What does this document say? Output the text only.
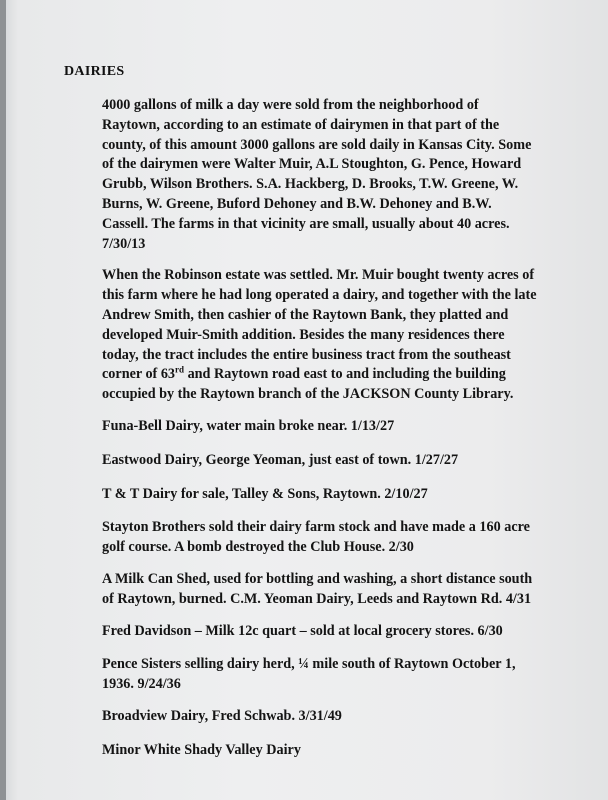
DAIRIES

4000 gallons of milk a day were sold from the neighborhood of Raytown, according to an estimate of dairymen in that part of the county, of this amount 3000 gallons are sold daily in Kansas City. Some of the dairymen were Walter Muir, A.L Stoughton, G. Pence, Howard Grubb, Wilson Brothers. S.A. Hackberg, D. Brooks, T.W. Greene, W. Burns, W. Greene, Buford Dehoney and B.W. Dehoney and B.W. Cassell. The farms in that vicinity are small, usually about 40 acres. 7/30/13

When the Robinson estate was settled. Mr. Muir bought twenty acres of this farm where he had long operated a dairy, and together with the late Andrew Smith, then cashier of the Raytown Bank, they platted and developed Muir-Smith addition. Besides the many residences there today, the tract includes the entire business tract from the southeast corner of 63rd and Raytown road east to and including the building occupied by the Raytown branch of the JACKSON County Library.

Funa-Bell Dairy, water main broke near. 1/13/27

Eastwood Dairy, George Yeoman, just east of town. 1/27/27

T & T Dairy for sale, Talley & Sons, Raytown. 2/10/27

Stayton Brothers sold their dairy farm stock and have made a 160 acre golf course. A bomb destroyed the Club House. 2/30

A Milk Can Shed, used for bottling and washing, a short distance south of Raytown, burned. C.M. Yeoman Dairy, Leeds and Raytown Rd. 4/31

Fred Davidson – Milk 12c quart – sold at local grocery stores. 6/30

Pence Sisters selling dairy herd, ¼ mile south of Raytown October 1, 1936. 9/24/36

Broadview Dairy, Fred Schwab. 3/31/49

Minor White Shady Valley Dairy
